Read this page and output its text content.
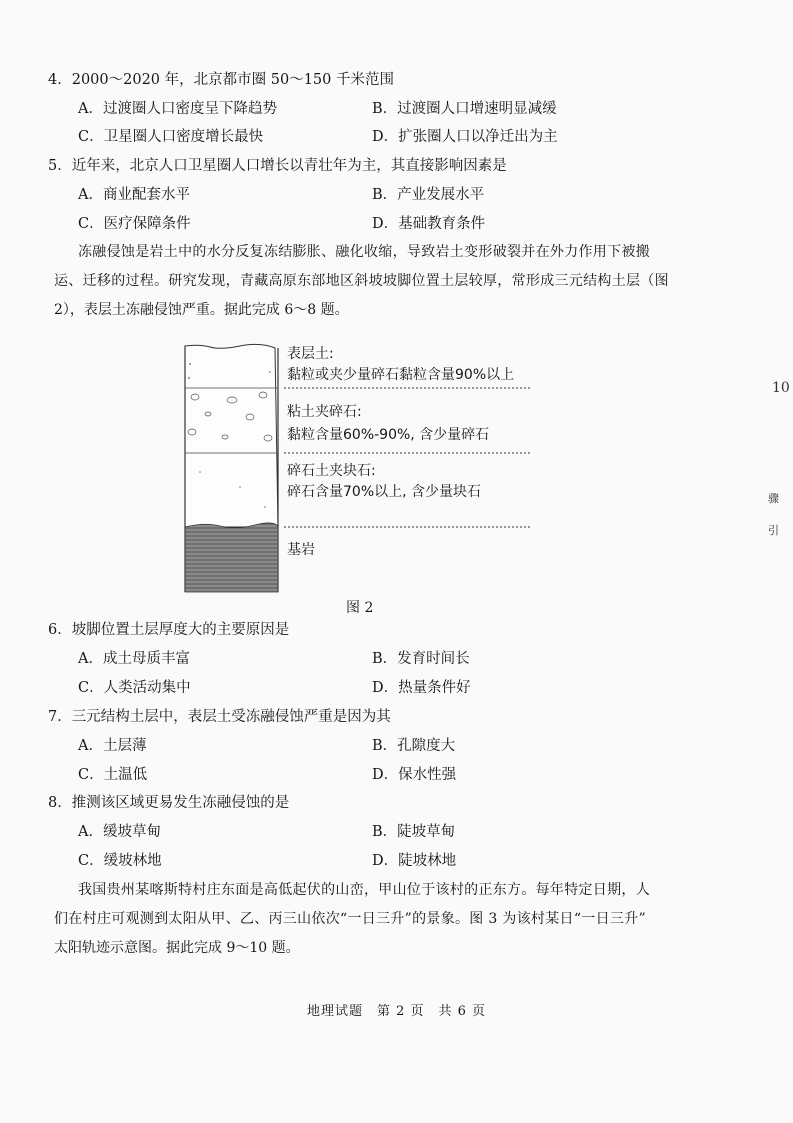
4．2000～2020 年，北京都市圈 50～150 千米范围
A．过渡圈人口密度呈下降趋势	B．过渡圈人口增速明显减缓
C．卫星圈人口密度增长最快	D．扩张圈人口以净迁出为主
5．近年来，北京人口卫星圈人口增长以青壮年为主，其直接影响因素是
A．商业配套水平	B．产业发展水平
C．医疗保障条件	D．基础教育条件
冻融侵蚀是岩土中的水分反复冻结膨胀、融化收缩，导致岩土变形破裂并在外力作用下被搬
运、迁移的过程。研究发现，青藏高原东部地区斜坡坡脚位置土层较厚，常形成三元结构土层（图
2），表层土冻融侵蚀严重。据此完成 6～8 题。
表层土:
黏粒或夹少量碎石黏粒含量90%以上
粘土夹碎石:
黏粒含量60%-90%, 含少量碎石
碎石土夹块石:
碎石含量70%以上, 含少量块石
基岩
图 2
6．坡脚位置土层厚度大的主要原因是
A．成土母质丰富	B．发育时间长
C．人类活动集中	D．热量条件好
7．三元结构土层中，表层土受冻融侵蚀严重是因为其
A．土层薄	B．孔隙度大
C．土温低	D．保水性强
8．推测该区域更易发生冻融侵蚀的是
A．缓坡草甸	B．陡坡草甸
C．缓坡林地	D．陡坡林地
我国贵州某喀斯特村庄东面是高低起伏的山峦，甲山位于该村的正东方。每年特定日期，人
们在村庄可观测到太阳从甲、乙、丙三山依次“一日三升”的景象。图 3 为该村某日“一日三升”
太阳轨迹示意图。据此完成 9～10 题。
地理试题　第 2 页　共 6 页
10
骤
引
